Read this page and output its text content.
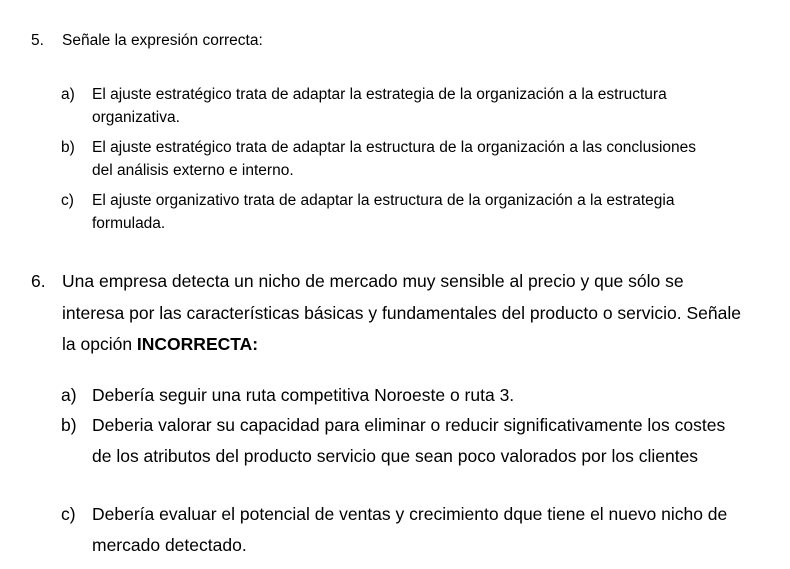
5.	Señale la expresión correcta:
a)	El ajuste estratégico trata de adaptar la estrategia de la organización a la estructura organizativa.
b)	El ajuste estratégico trata de adaptar la estructura de la organización a las conclusiones del análisis externo e interno.
c)	El ajuste organizativo trata de adaptar la estructura de la organización a la estrategia formulada.
6. Una empresa detecta un nicho de mercado muy sensible al precio y que sólo se interesa por las características básicas y fundamentales del producto o servicio. Señale la opción INCORRECTA:
a) Debería seguir una ruta competitiva Noroeste o ruta 3.
b) Deberia valorar su capacidad para eliminar o reducir significativamente los costes de los atributos del producto servicio que sean poco valorados por los clientes
c) Debería evaluar el potencial de ventas y crecimiento dque tiene el nuevo nicho de mercado detectado.
